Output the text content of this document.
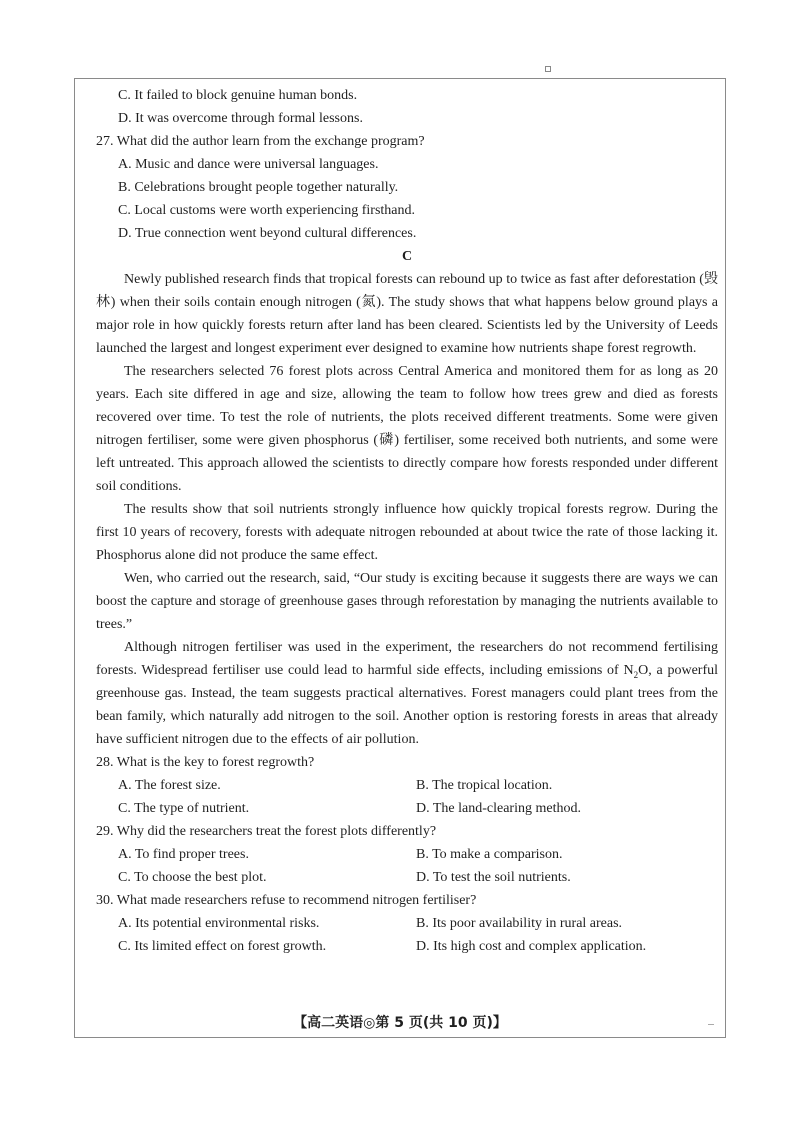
C. It failed to block genuine human bonds.
D. It was overcome through formal lessons.
27. What did the author learn from the exchange program?
A. Music and dance were universal languages.
B. Celebrations brought people together naturally.
C. Local customs were worth experiencing firsthand.
D. True connection went beyond cultural differences.
C

Newly published research finds that tropical forests can rebound up to twice as fast after deforestation (毁林) when their soils contain enough nitrogen (氮). The study shows that what happens below ground plays a major role in how quickly forests return after land has been cleared. Scientists led by the University of Leeds launched the largest and longest experiment ever designed to examine how nutrients shape forest regrowth.

The researchers selected 76 forest plots across Central America and monitored them for as long as 20 years. Each site differed in age and size, allowing the team to follow how trees grew and died as forests recovered over time. To test the role of nutrients, the plots received different treatments. Some were given nitrogen fertiliser, some were given phosphorus (磷) fertiliser, some received both nutrients, and some were left untreated. This approach allowed the scientists to directly compare how forests responded under different soil conditions.

The results show that soil nutrients strongly influence how quickly tropical forests regrow. During the first 10 years of recovery, forests with adequate nitrogen rebounded at about twice the rate of those lacking it. Phosphorus alone did not produce the same effect.

Wen, who carried out the research, said, “Our study is exciting because it suggests there are ways we can boost the capture and storage of greenhouse gases through reforestation by managing the nutrients available to trees.”

Although nitrogen fertiliser was used in the experiment, the researchers do not recommend fertilising forests. Widespread fertiliser use could lead to harmful side effects, including emissions of $N_2O$, a powerful greenhouse gas. Instead, the team suggests practical alternatives. Forest managers could plant trees from the bean family, which naturally add nitrogen to the soil. Another option is restoring forests in areas that already have sufficient nitrogen due to the effects of air pollution.

28. What is the key to forest regrowth?
A. The forest size.	B. The tropical location.
C. The type of nutrient.	D. The land-clearing method.
29. Why did the researchers treat the forest plots differently?
A. To find proper trees.	B. To make a comparison.
C. To choose the best plot.	D. To test the soil nutrients.
30. What made researchers refuse to recommend nitrogen fertiliser?
A. Its potential environmental risks.	B. Its poor availability in rural areas.
C. Its limited effect on forest growth.	D. Its high cost and complex application.
【高二英语◎第 5 页(共 10 页)】
